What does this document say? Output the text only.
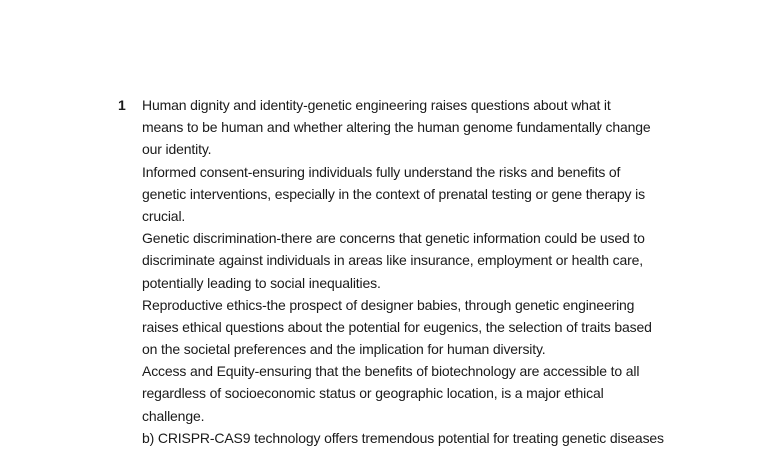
1 Human dignity and identity-genetic engineering raises questions about what it
means to be human and whether altering the human genome fundamentally change
our identity.
Informed consent-ensuring individuals fully understand the risks and benefits of
genetic interventions, especially in the context of prenatal testing or gene therapy is
crucial.
Genetic discrimination-there are concerns that genetic information could be used to
discriminate against individuals in areas like insurance, employment or health care,
potentially leading to social inequalities.
Reproductive ethics-the prospect of designer babies, through genetic engineering
raises ethical questions about the potential for eugenics, the selection of traits based
on the societal preferences and the implication for human diversity.
Access and Equity-ensuring that the benefits of biotechnology are accessible to all
regardless of socioeconomic status or geographic location, is a major ethical
challenge.
b) CRISPR-CAS9 technology offers tremendous potential for treating genetic diseases
